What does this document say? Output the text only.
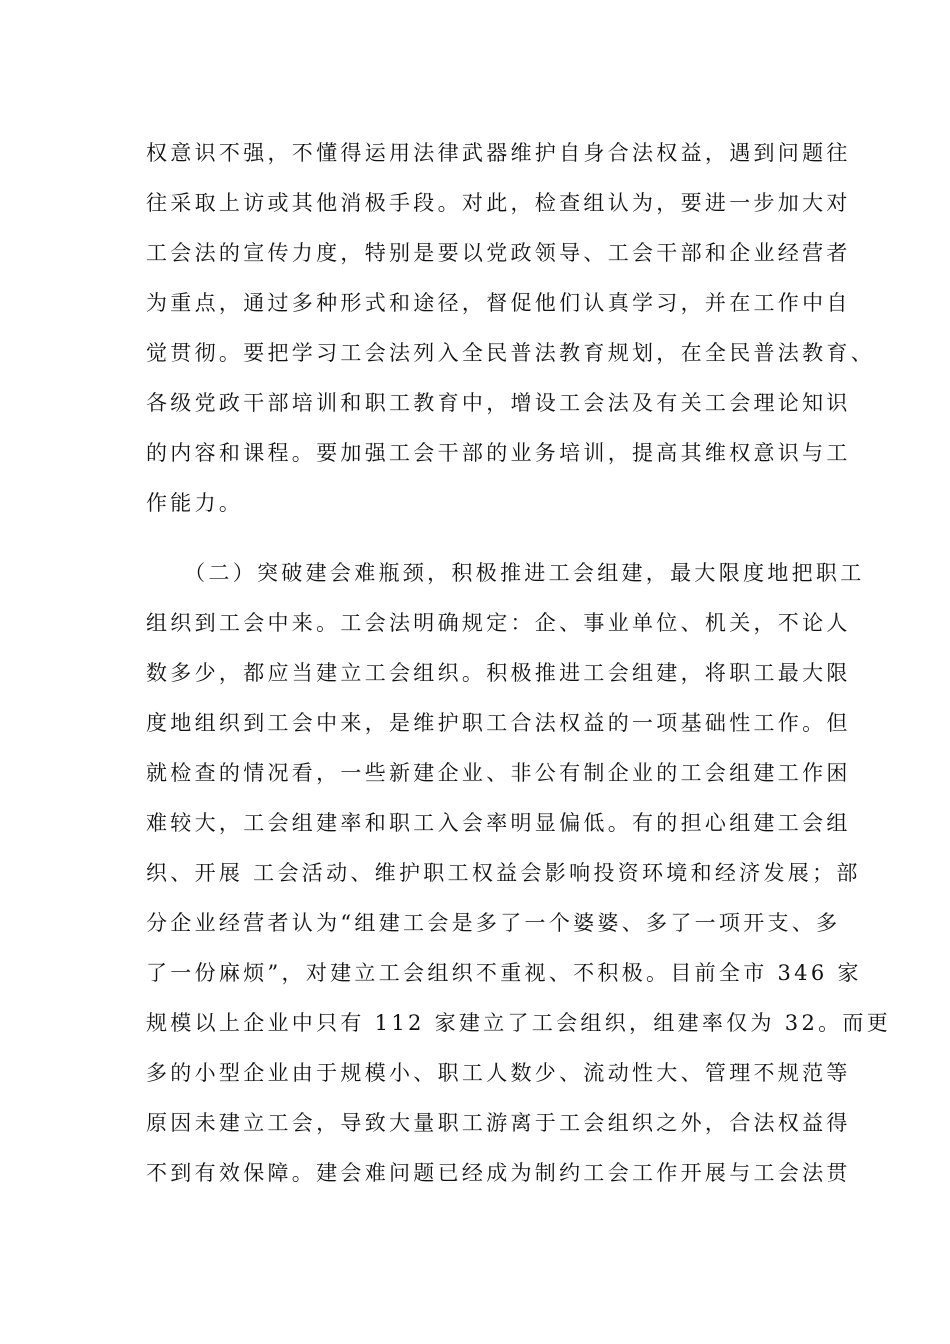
权意识不强，不懂得运用法律武器维护自身合法权益，遇到问题往
往采取上访或其他消极手段。对此，检查组认为，要进一步加大对
工会法的宣传力度，特别是要以党政领导、工会干部和企业经营者
为重点，通过多种形式和途径，督促他们认真学习，并在工作中自
觉贯彻。要把学习工会法列入全民普法教育规划，在全民普法教育、
各级党政干部培训和职工教育中，增设工会法及有关工会理论知识
的内容和课程。要加强工会干部的业务培训，提高其维权意识与工
作能力。
　　（二）突破建会难瓶颈，积极推进工会组建，最大限度地把职工
组织到工会中来。工会法明确规定：企、事业单位、机关，不论人
数多少，都应当建立工会组织。积极推进工会组建，将职工最大限
度地组织到工会中来，是维护职工合法权益的一项基础性工作。但
就检查的情况看，一些新建企业、非公有制企业的工会组建工作困
难较大，工会组建率和职工入会率明显偏低。有的担心组建工会组
织、开展 工会活动、维护职工权益会影响投资环境和经济发展；部
分企业经营者认为“组建工会是多了一个婆婆、多了一项开支、多
了一份麻烦”，对建立工会组织不重视、不积极。目前全市 346 家
规模以上企业中只有 112 家建立了工会组织，组建率仅为 32。而更
多的小型企业由于规模小、职工人数少、流动性大、管理不规范等
原因未建立工会，导致大量职工游离于工会组织之外，合法权益得
不到有效保障。建会难问题已经成为制约工会工作开展与工会法贯
